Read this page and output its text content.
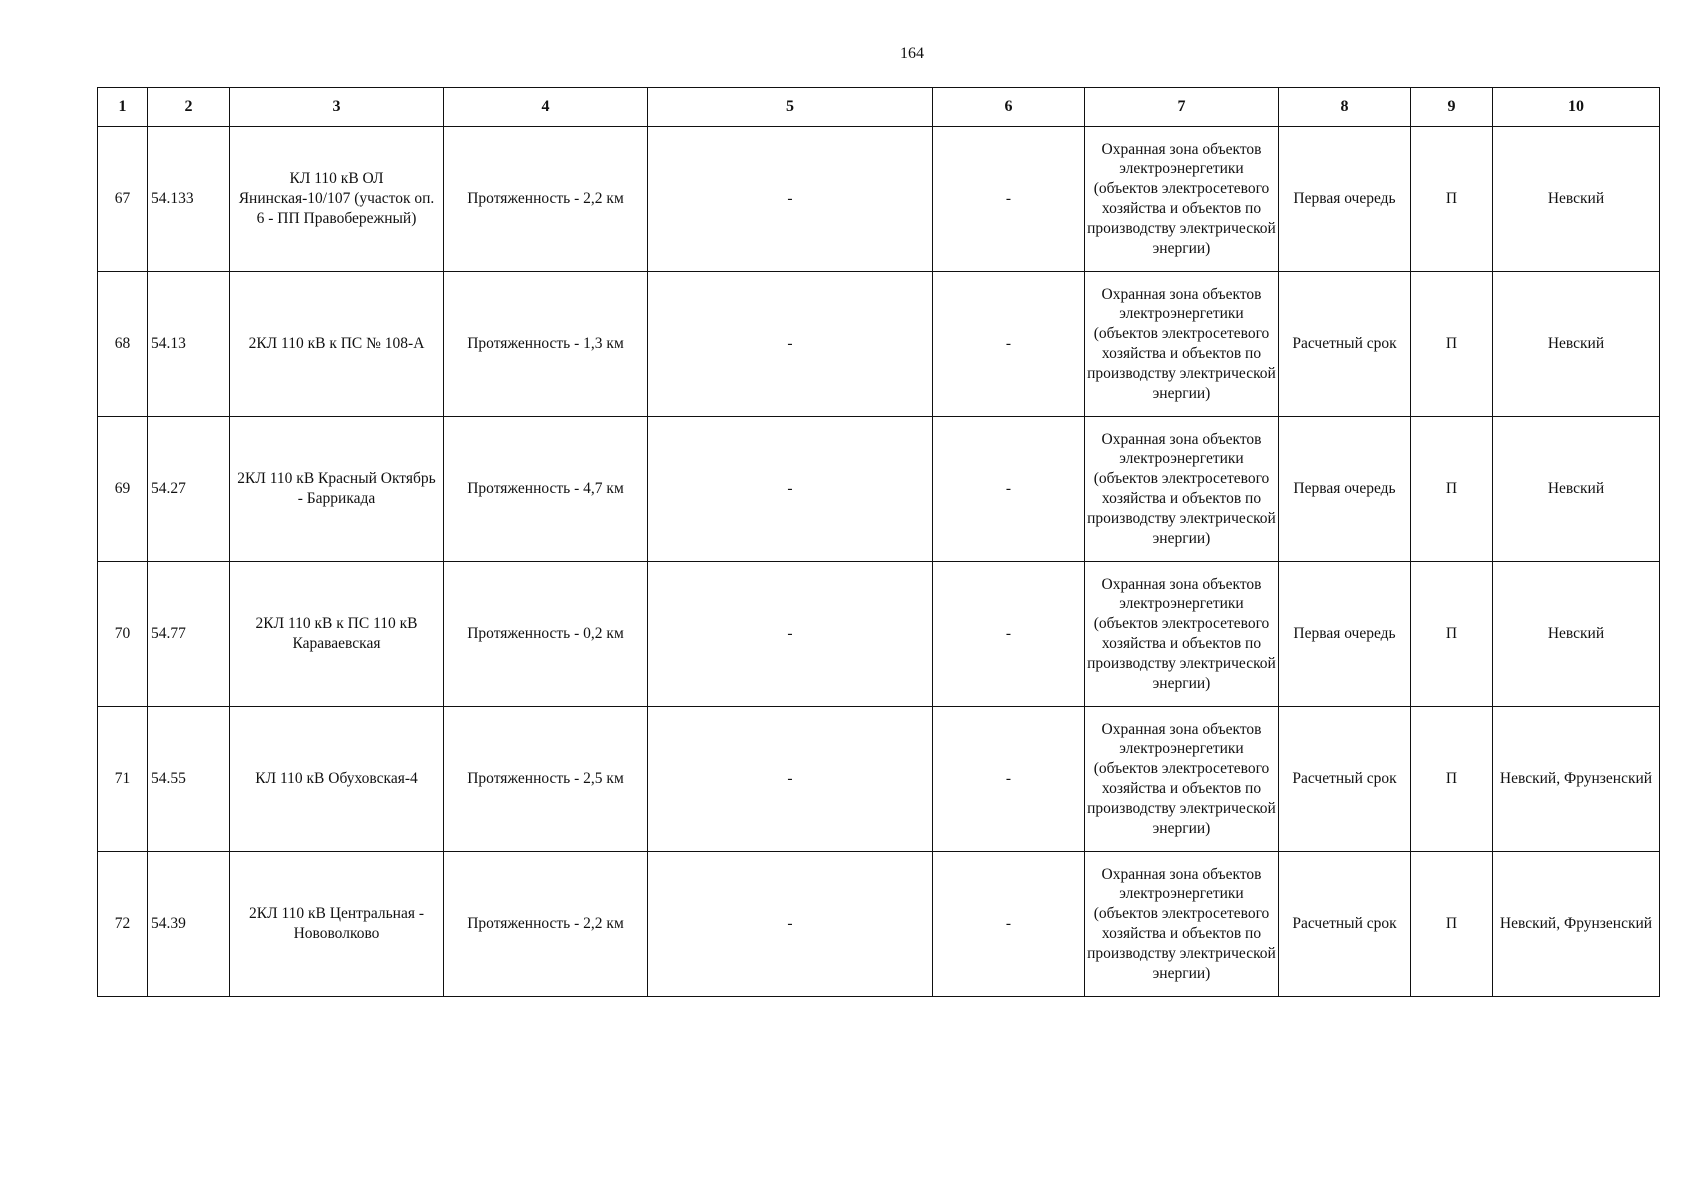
164
1	2	3	4	5	6	7	8	9	10
67	54.133	КЛ 110 кВ ОЛ Янинская-10/107 (участок оп. 6 - ПП Правобережный)	Протяженность - 2,2 км	-	-	Охранная зона объектов электроэнергетики (объектов электросетевого хозяйства и объектов по производству электрической энергии)	Первая очередь	П	Невский
68	54.13	2КЛ 110 кВ к ПС № 108-А	Протяженность - 1,3 км	-	-	Охранная зона объектов электроэнергетики (объектов электросетевого хозяйства и объектов по производству электрической энергии)	Расчетный срок	П	Невский
69	54.27	2КЛ 110 кВ Красный Октябрь - Баррикада	Протяженность - 4,7 км	-	-	Охранная зона объектов электроэнергетики (объектов электросетевого хозяйства и объектов по производству электрической энергии)	Первая очередь	П	Невский
70	54.77	2КЛ 110 кВ к ПС 110 кВ Караваевская	Протяженность - 0,2 км	-	-	Охранная зона объектов электроэнергетики (объектов электросетевого хозяйства и объектов по производству электрической энергии)	Первая очередь	П	Невский
71	54.55	КЛ 110 кВ Обуховская-4	Протяженность - 2,5 км	-	-	Охранная зона объектов электроэнергетики (объектов электросетевого хозяйства и объектов по производству электрической энергии)	Расчетный срок	П	Невский, Фрунзенский
72	54.39	2КЛ 110 кВ Центральная - Нововолково	Протяженность - 2,2 км	-	-	Охранная зона объектов электроэнергетики (объектов электросетевого хозяйства и объектов по производству электрической энергии)	Расчетный срок	П	Невский, Фрунзенский
